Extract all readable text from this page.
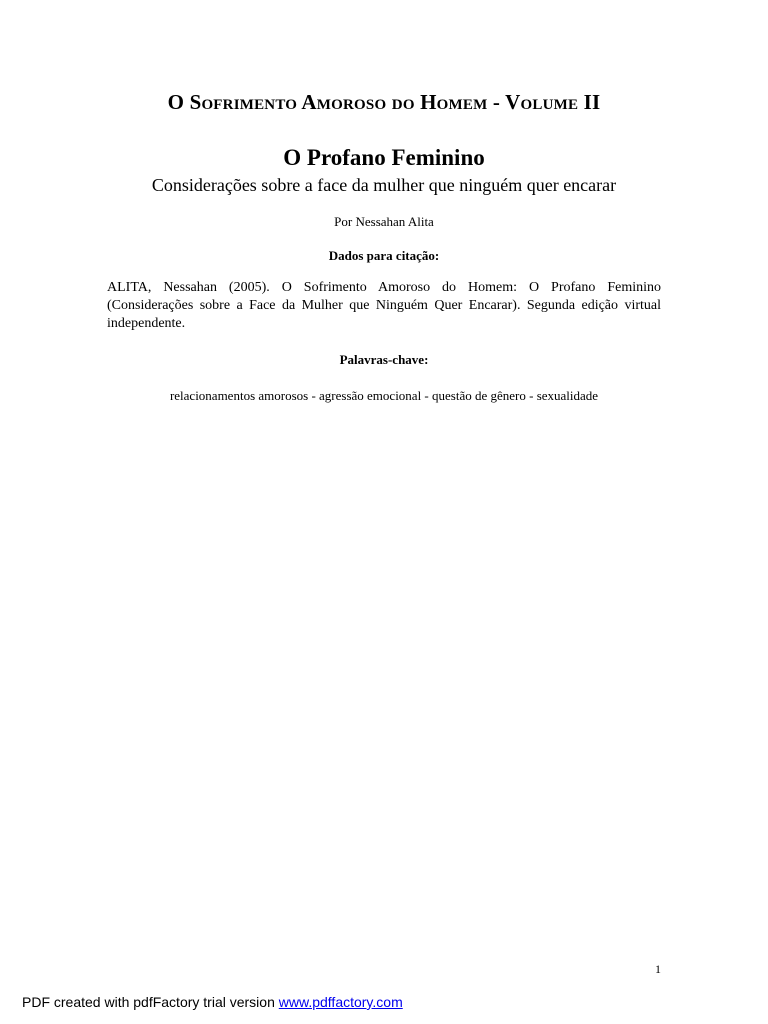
O Sofrimento Amoroso do Homem - Volume II
O Profano Feminino
Considerações sobre a face da mulher que ninguém quer encarar
Por Nessahan Alita
Dados para citação:
ALITA, Nessahan (2005). O Sofrimento Amoroso do Homem: O Profano Feminino (Considerações sobre a Face da Mulher que Ninguém Quer Encarar). Segunda edição virtual independente.
Palavras-chave:
relacionamentos amorosos - agressão emocional - questão de gênero - sexualidade
1
PDF created with pdfFactory trial version www.pdffactory.com
